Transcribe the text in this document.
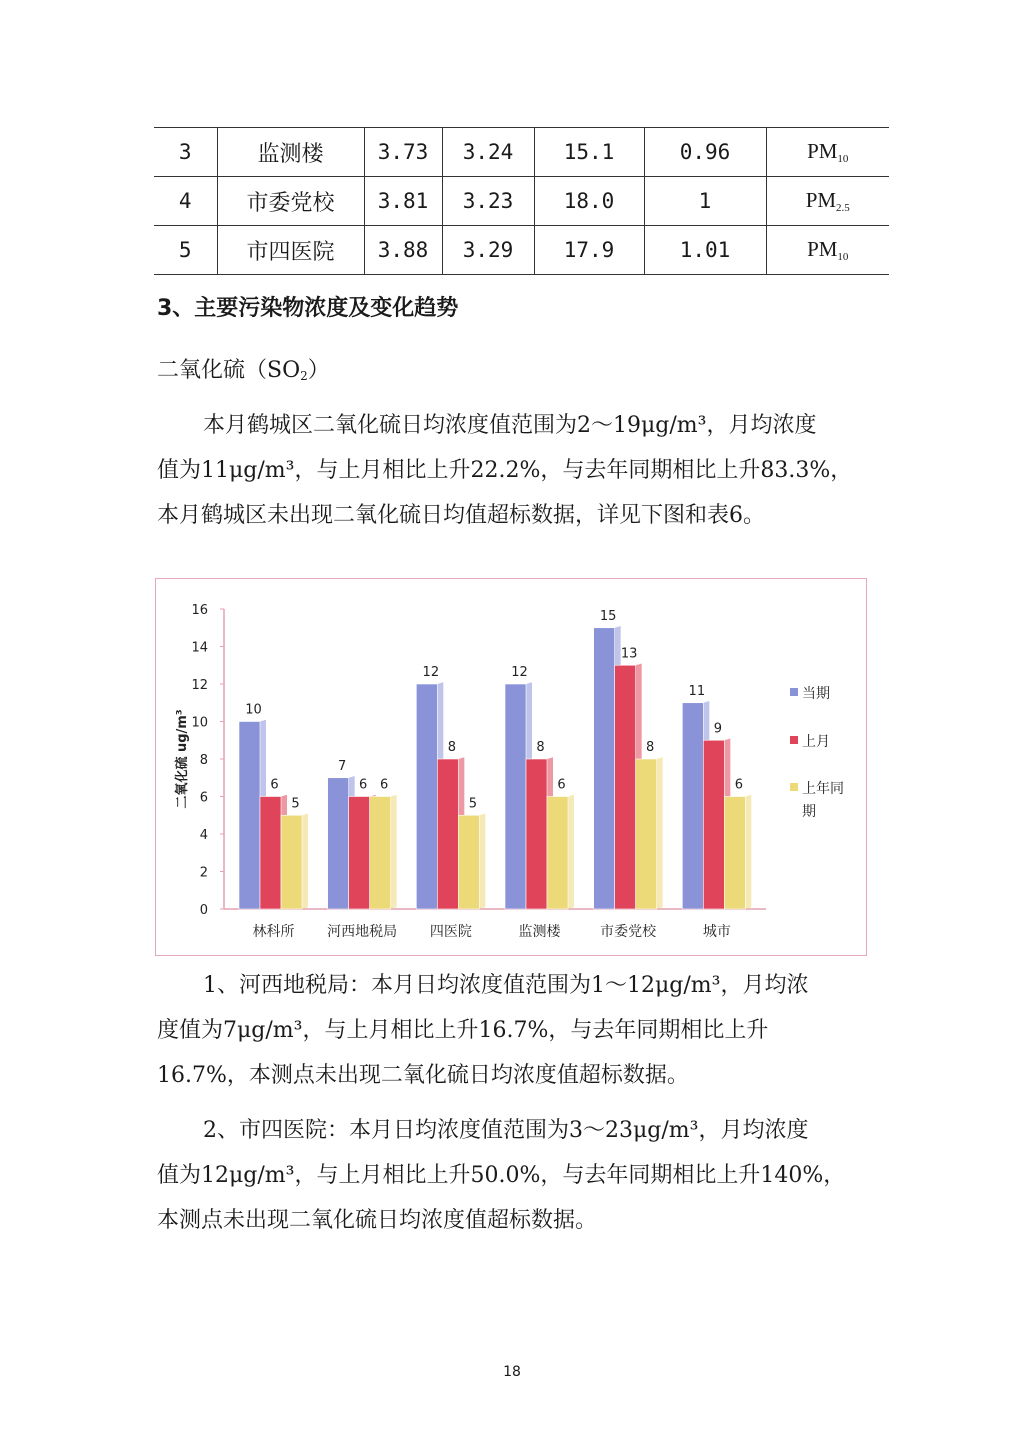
3	监测楼	3.73	3.24	15.1	0.96	$PM_{10}$
4	市委党校	3.81	3.23	18.0	1	$PM_{2.5}$
5	市四医院	3.88	3.29	17.9	1.01	$PM_{10}$
3、主要污染物浓度及变化趋势
二氧化硫$(SO_2)$
本月鹤城区二氧化硫日均浓度值范围为2～19μg/m³，月均浓度
值为11μg/m³，与上月相比上升22.2%，与去年同期相比上升83.3%，
本月鹤城区未出现二氧化硫日均值超标数据，详见下图和表6。
0
2
4
6
8
10
12
14
16
二氧化硫 ug/m³	10
6
5
林科所
7
6 6
河西地税局
12
8
5
四医院
12
8
6
监测楼
15
13
8
市委党校
11
9
6
城市
当期
上月
上年同
期
1、河西地税局：本月日均浓度值范围为1～12μg/m³，月均浓
度值为7μg/m³，与上月相比上升16.7%，与去年同期相比上升
16.7%，本测点未出现二氧化硫日均浓度值超标数据。
2、市四医院：本月日均浓度值范围为3～23μg/m³，月均浓度
值为12μg/m³，与上月相比上升50.0%，与去年同期相比上升140%，
本测点未出现二氧化硫日均浓度值超标数据。
18
